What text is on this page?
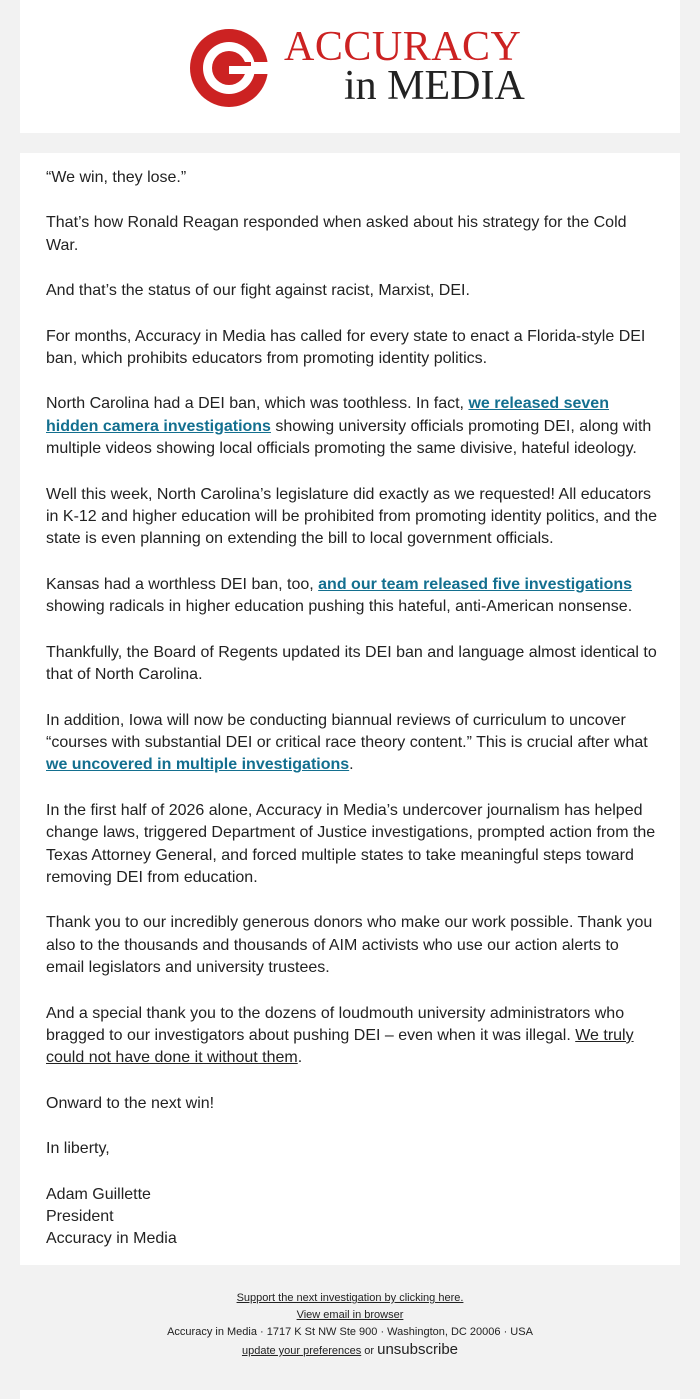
ACCURACY
in MEDIA

“We win, they lose.”

That’s how Ronald Reagan responded when asked about his strategy for the Cold War.

And that’s the status of our fight against racist, Marxist, DEI.

For months, Accuracy in Media has called for every state to enact a Florida-style DEI ban, which prohibits educators from promoting identity politics.

North Carolina had a DEI ban, which was toothless. In fact, we released seven hidden camera investigations showing university officials promoting DEI, along with multiple videos showing local officials promoting the same divisive, hateful ideology.

Well this week, North Carolina’s legislature did exactly as we requested! All educators in K-12 and higher education will be prohibited from promoting identity politics, and the state is even planning on extending the bill to local government officials.

Kansas had a worthless DEI ban, too, and our team released five investigations showing radicals in higher education pushing this hateful, anti-American nonsense.

Thankfully, the Board of Regents updated its DEI ban and language almost identical to that of North Carolina.

In addition, Iowa will now be conducting biannual reviews of curriculum to uncover “courses with substantial DEI or critical race theory content.” This is crucial after what we uncovered in multiple investigations.

In the first half of 2026 alone, Accuracy in Media’s undercover journalism has helped change laws, triggered Department of Justice investigations, prompted action from the Texas Attorney General, and forced multiple states to take meaningful steps toward removing DEI from education.

Thank you to our incredibly generous donors who make our work possible. Thank you also to the thousands and thousands of AIM activists who use our action alerts to email legislators and university trustees.

And a special thank you to the dozens of loudmouth university administrators who bragged to our investigators about pushing DEI – even when it was illegal. We truly could not have done it without them.

Onward to the next win!

In liberty,

Adam Guillette

President

Accuracy in Media

Support the next investigation by clicking here.
View email in browser
Accuracy in Media · 1717 K St NW Ste 900 · Washington, DC 20006 · USA
update your preferences or unsubscribe
